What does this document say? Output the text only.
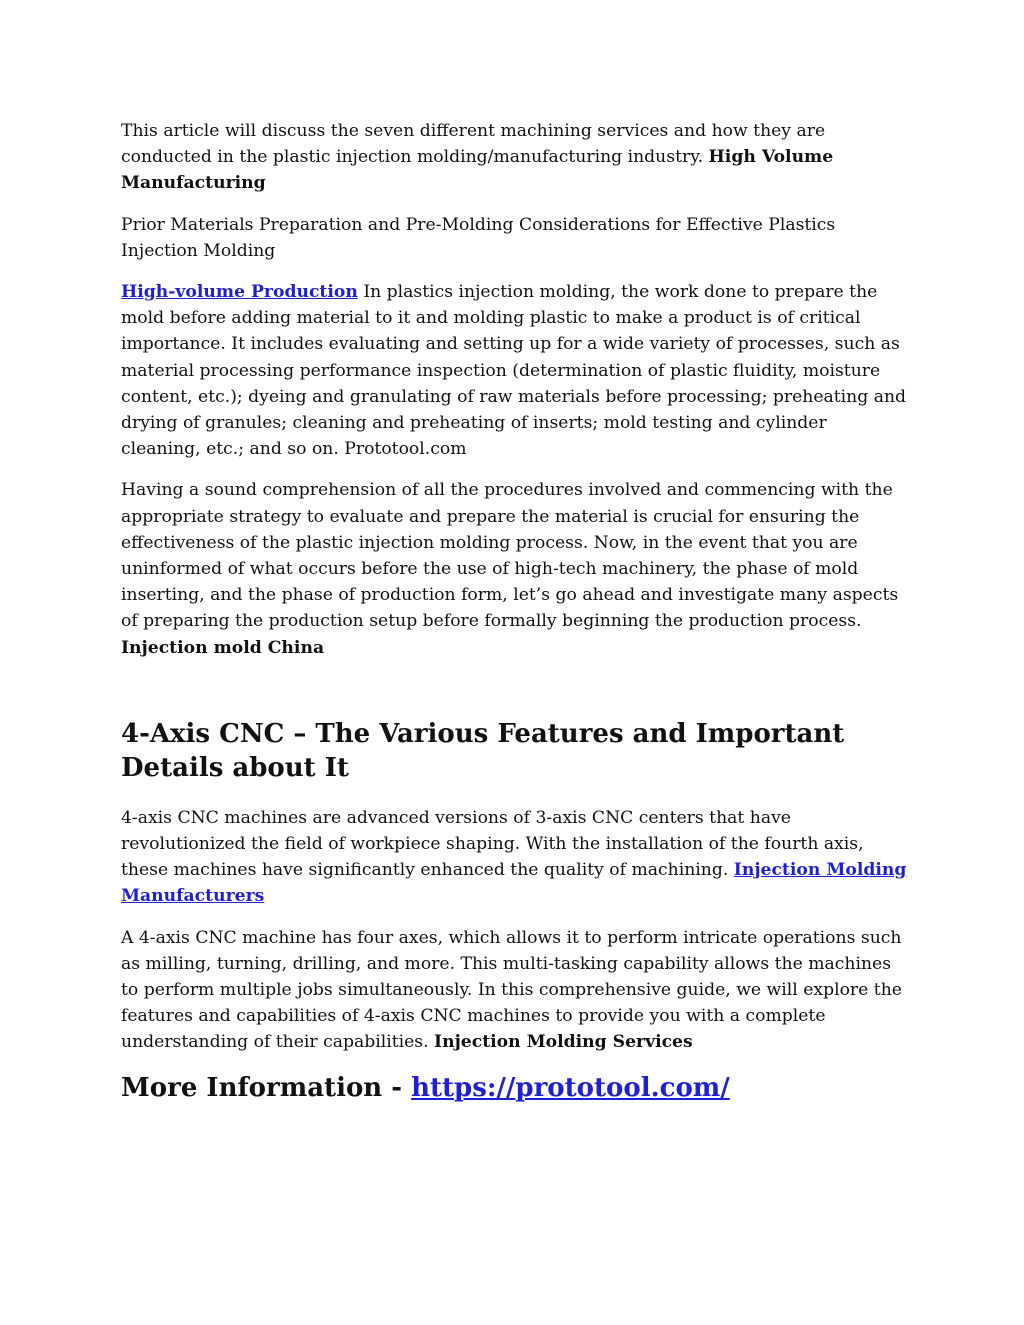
This article will discuss the seven different machining services and how they are conducted in the plastic injection molding/manufacturing industry. High Volume Manufacturing

Prior Materials Preparation and Pre-Molding Considerations for Effective Plastics Injection Molding

High-volume Production In plastics injection molding, the work done to prepare the mold before adding material to it and molding plastic to make a product is of critical importance. It includes evaluating and setting up for a wide variety of processes, such as material processing performance inspection (determination of plastic fluidity, moisture content, etc.); dyeing and granulating of raw materials before processing; preheating and drying of granules; cleaning and preheating of inserts; mold testing and cylinder cleaning, etc.; and so on. Prototool.com

Having a sound comprehension of all the procedures involved and commencing with the appropriate strategy to evaluate and prepare the material is crucial for ensuring the effectiveness of the plastic injection molding process. Now, in the event that you are uninformed of what occurs before the use of high-tech machinery, the phase of mold inserting, and the phase of production form, let’s go ahead and investigate many aspects of preparing the production setup before formally beginning the production process. Injection mold China

4-Axis CNC – The Various Features and Important Details about It

4-axis CNC machines are advanced versions of 3-axis CNC centers that have revolutionized the field of workpiece shaping. With the installation of the fourth axis, these machines have significantly enhanced the quality of machining. Injection Molding Manufacturers

A 4-axis CNC machine has four axes, which allows it to perform intricate operations such as milling, turning, drilling, and more. This multi-tasking capability allows the machines to perform multiple jobs simultaneously. In this comprehensive guide, we will explore the features and capabilities of 4-axis CNC machines to provide you with a complete understanding of their capabilities. Injection Molding Services

More Information - https://prototool.com/
